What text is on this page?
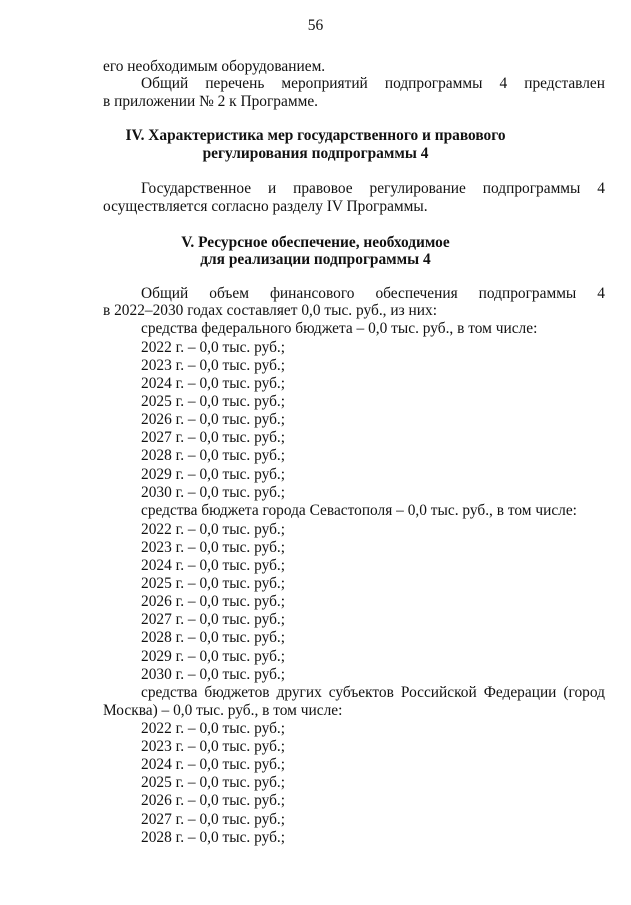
56
его необходимым оборудованием.
Общий перечень мероприятий подпрограммы 4 представлен
в приложении № 2 к Программе.
IV. Характеристика мер государственного и правового
регулирования подпрограммы 4
Государственное и правовое регулирование подпрограммы 4
осуществляется согласно разделу IV Программы.
V. Ресурсное обеспечение, необходимое
для реализации подпрограммы 4
Общий объем финансового обеспечения подпрограммы 4
в 2022–2030 годах составляет 0,0 тыс. руб., из них:
средства федерального бюджета – 0,0 тыс. руб., в том числе:
2022 г. – 0,0 тыс. руб.;
2023 г. – 0,0 тыс. руб.;
2024 г. – 0,0 тыс. руб.;
2025 г. – 0,0 тыс. руб.;
2026 г. – 0,0 тыс. руб.;
2027 г. – 0,0 тыс. руб.;
2028 г. – 0,0 тыс. руб.;
2029 г. – 0,0 тыс. руб.;
2030 г. – 0,0 тыс. руб.;
средства бюджета города Севастополя – 0,0 тыс. руб., в том числе:
2022 г. – 0,0 тыс. руб.;
2023 г. – 0,0 тыс. руб.;
2024 г. – 0,0 тыс. руб.;
2025 г. – 0,0 тыс. руб.;
2026 г. – 0,0 тыс. руб.;
2027 г. – 0,0 тыс. руб.;
2028 г. – 0,0 тыс. руб.;
2029 г. – 0,0 тыс. руб.;
2030 г. – 0,0 тыс. руб.;
средства бюджетов других субъектов Российской Федерации (город
Москва) – 0,0 тыс. руб., в том числе:
2022 г. – 0,0 тыс. руб.;
2023 г. – 0,0 тыс. руб.;
2024 г. – 0,0 тыс. руб.;
2025 г. – 0,0 тыс. руб.;
2026 г. – 0,0 тыс. руб.;
2027 г. – 0,0 тыс. руб.;
2028 г. – 0,0 тыс. руб.;
